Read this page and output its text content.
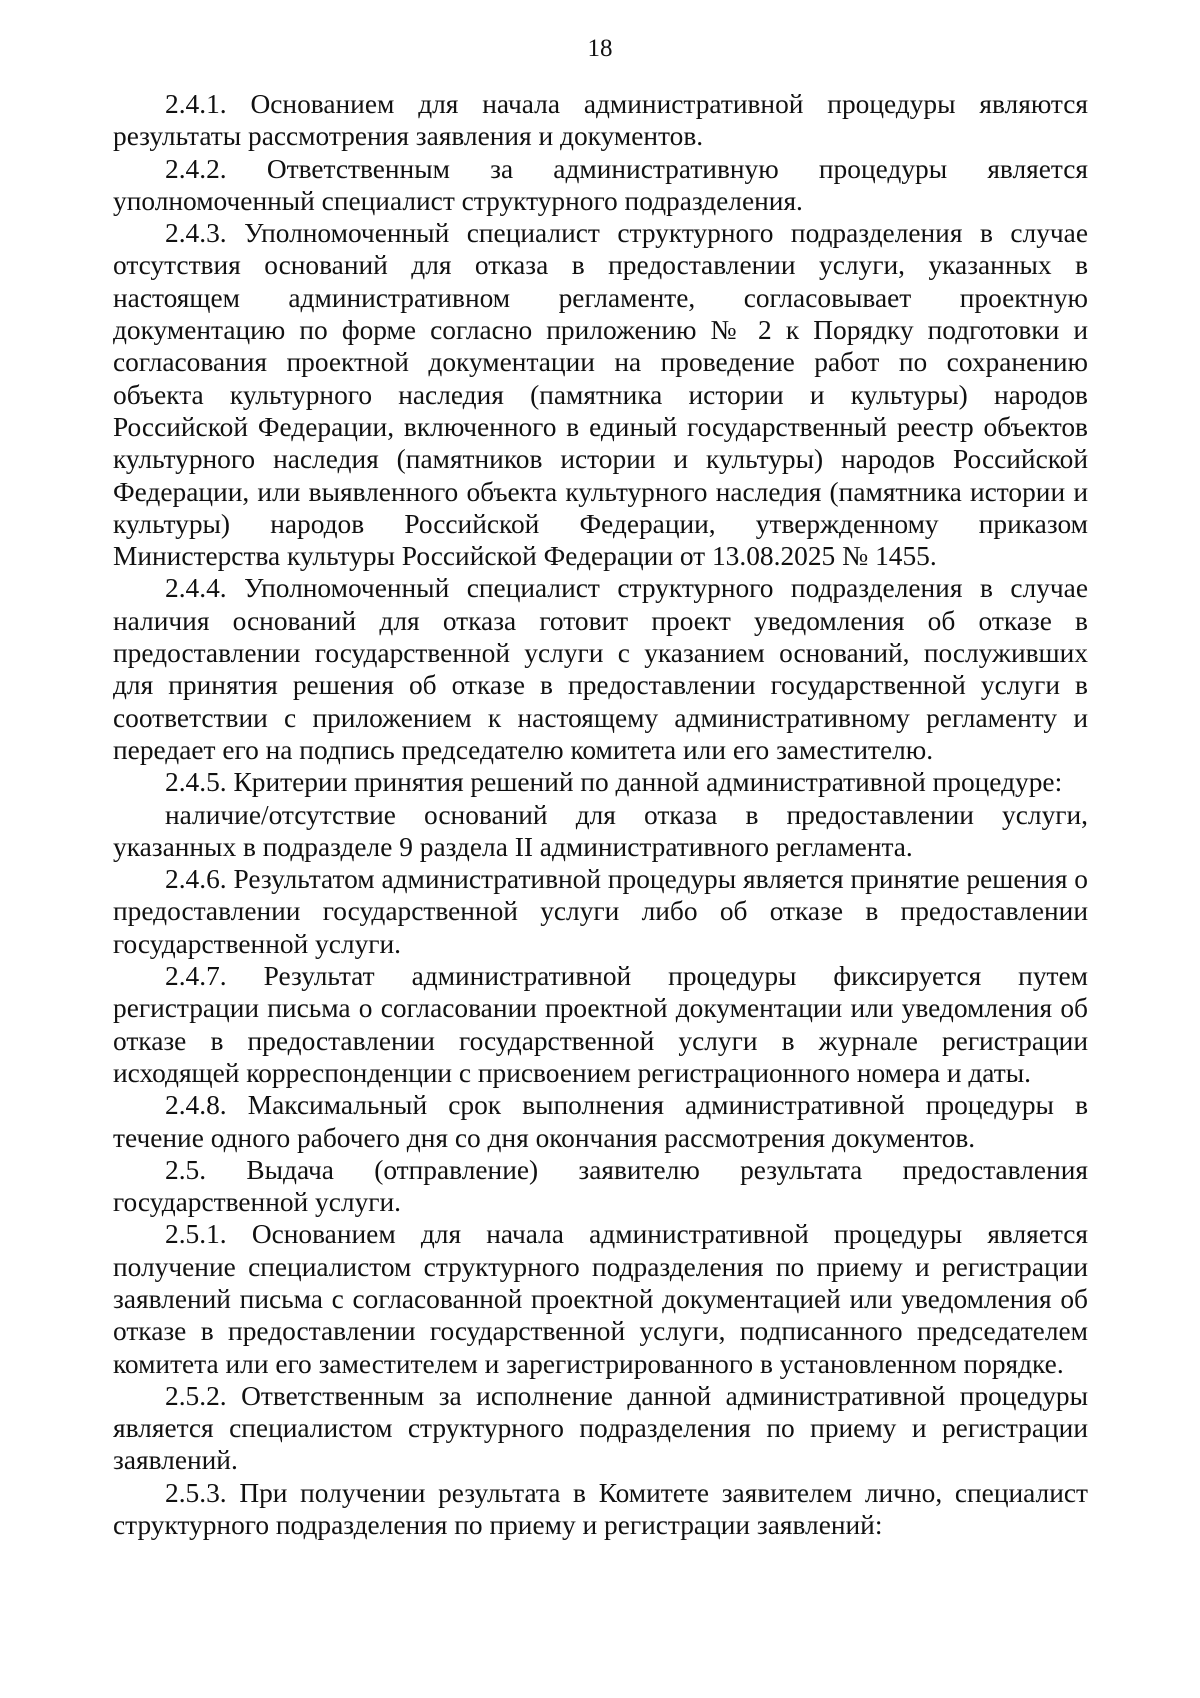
18

2.4.1. Основанием для начала административной процедуры являются результаты рассмотрения заявления и документов.

2.4.2. Ответственным за административную процедуры является уполномоченный специалист структурного подразделения.

2.4.3. Уполномоченный специалист структурного подразделения в случае отсутствия оснований для отказа в предоставлении услуги, указанных в настоящем административном регламенте, согласовывает проектную документацию по форме согласно приложению № 2 к Порядку подготовки и согласования проектной документации на проведение работ по сохранению объекта культурного наследия (памятника истории и культуры) народов Российской Федерации, включенного в единый государственный реестр объектов культурного наследия (памятников истории и культуры) народов Российской Федерации, или выявленного объекта культурного наследия (памятника истории и культуры) народов Российской Федерации, утвержденному приказом Министерства культуры Российской Федерации от 13.08.2025 № 1455.

2.4.4. Уполномоченный специалист структурного подразделения в случае наличия оснований для отказа готовит проект уведомления об отказе в предоставлении государственной услуги с указанием оснований, послуживших для принятия решения об отказе в предоставлении государственной услуги в соответствии с приложением к настоящему административному регламенту и передает его на подпись председателю комитета или его заместителю.

2.4.5. Критерии принятия решений по данной административной процедуре:

наличие/отсутствие оснований для отказа в предоставлении услуги, указанных в подразделе 9 раздела II административного регламента.

2.4.6. Результатом административной процедуры является принятие решения о предоставлении государственной услуги либо об отказе в предоставлении государственной услуги.

2.4.7. Результат административной процедуры фиксируется путем регистрации письма о согласовании проектной документации или уведомления об отказе в предоставлении государственной услуги в журнале регистрации исходящей корреспонденции с присвоением регистрационного номера и даты.

2.4.8. Максимальный срок выполнения административной процедуры в течение одного рабочего дня со дня окончания рассмотрения документов.

2.5. Выдача (отправление) заявителю результата предоставления государственной услуги.

2.5.1. Основанием для начала административной процедуры является получение специалистом структурного подразделения по приему и регистрации заявлений письма с согласованной проектной документацией или уведомления об отказе в предоставлении государственной услуги, подписанного председателем комитета или его заместителем и зарегистрированного в установленном порядке.

2.5.2. Ответственным за исполнение данной административной процедуры является специалистом структурного подразделения по приему и регистрации заявлений.

2.5.3. При получении результата в Комитете заявителем лично, специалист структурного подразделения по приему и регистрации заявлений:
